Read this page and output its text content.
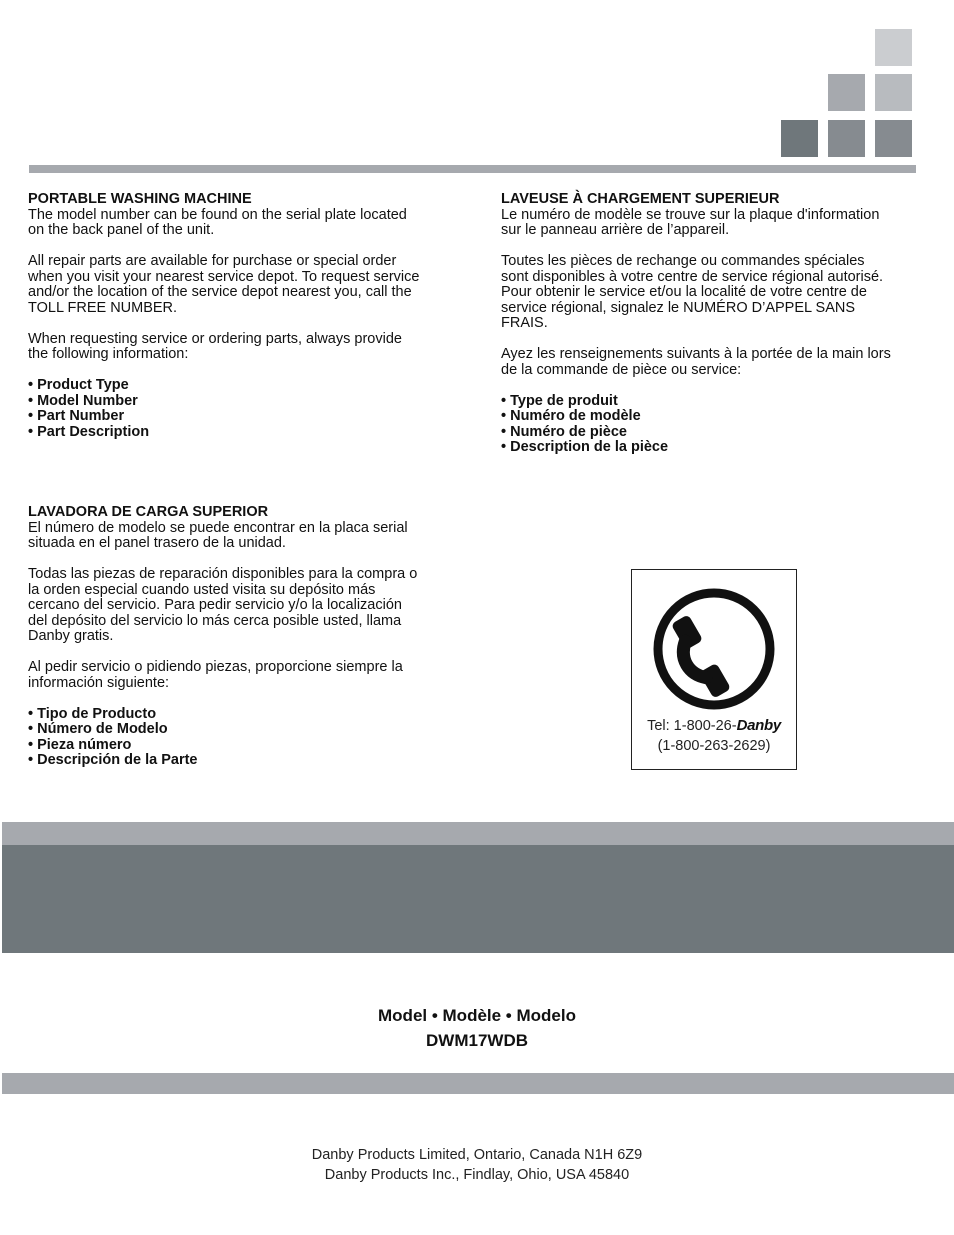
PORTABLE WASHING MACHINE

The model number can be found on the serial plate located
on the back panel of the unit.

All repair parts are available for purchase or special order
when you visit your nearest service depot. To request service
and/or the location of the service depot nearest you, call the
TOLL FREE NUMBER.

When requesting service or ordering parts, always provide
the following information:

• Product Type
• Model Number
• Part Number
• Part Description
LAVEUSE À CHARGEMENT SUPERIEUR

Le numéro de modèle se trouve sur la plaque d'information
sur le panneau arrière de l’appareil.

Toutes les pièces de rechange ou commandes spéciales
sont disponibles à votre centre de service régional autorisé.
Pour obtenir le service et/ou la localité de votre centre de
service régional, signalez le NUMÉRO D’APPEL SANS
FRAIS.

Ayez les renseignements suivants à la portée de la main lors
de la commande de pièce ou service:

• Type de produit
• Numéro de modèle
• Numéro de pièce
• Description de la pièce
LAVADORA DE CARGA SUPERIOR

El número de modelo se puede encontrar en la placa serial
situada en el panel trasero de la unidad.

Todas las piezas de reparación disponibles para la compra o
la orden especial cuando usted visita su depósito más
cercano del servicio. Para pedir servicio y/o la localización
del depósito del servicio lo más cerca posible usted, llama
Danby gratis.

Al pedir servicio o pidiendo piezas, proporcione siempre la
información siguiente:

• Tipo de Producto
• Número de Modelo
• Pieza número
• Descripción de la Parte
Tel: 1-800-26-Danby
(1-800-263-2629)
Model • Modèle • Modelo
DWM17WDB
Danby Products Limited, Ontario, Canada N1H 6Z9
Danby Products Inc., Findlay, Ohio, USA 45840
